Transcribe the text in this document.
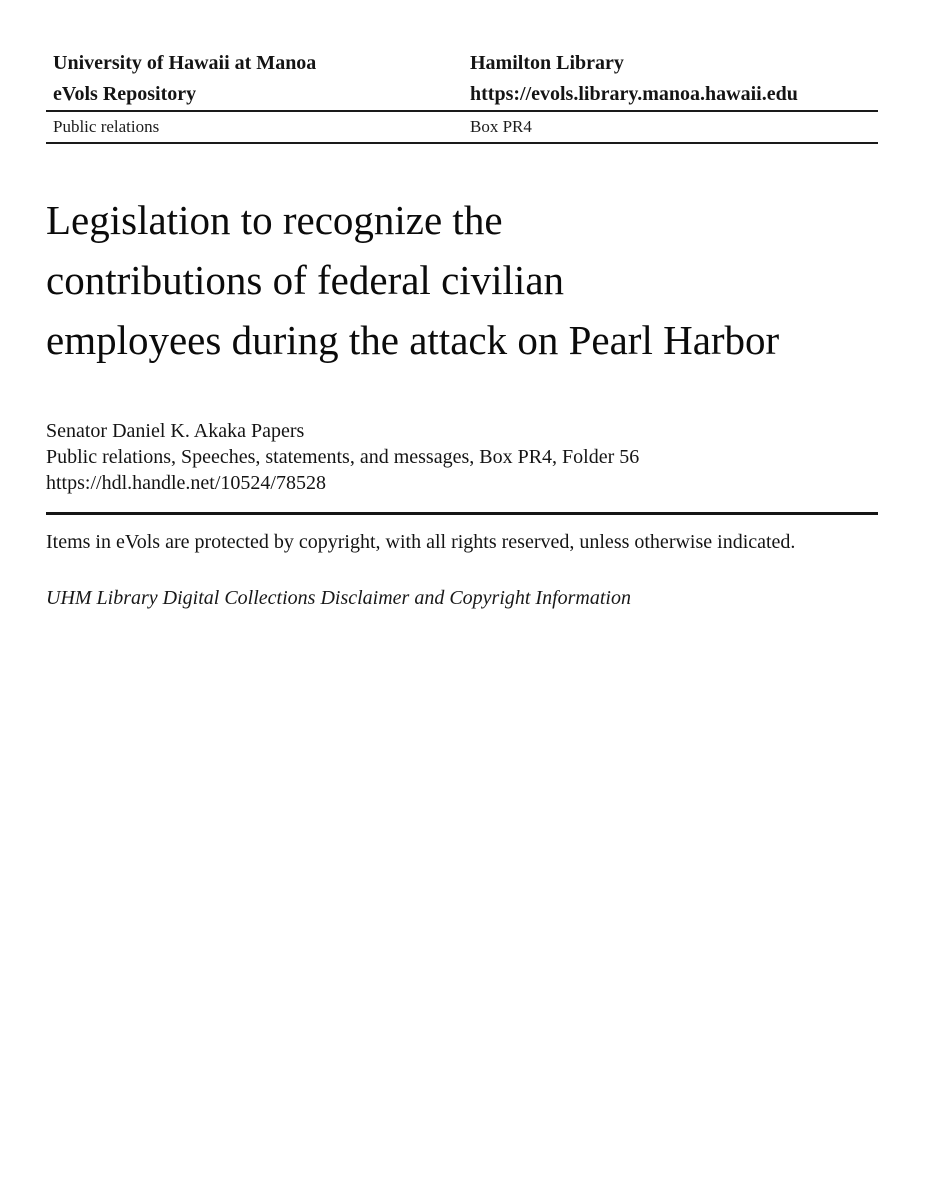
University of Hawaii at Manoa
eVols Repository
Hamilton Library
https://evols.library.manoa.hawaii.edu
Public relations	Box PR4
Legislation to recognize the
contributions of federal civilian
employees during the attack on Pearl Harbor
Senator Daniel K. Akaka Papers
Public relations, Speeches, statements, and messages, Box PR4, Folder 56
https://hdl.handle.net/10524/78528

Items in eVols are protected by copyright, with all rights reserved, unless otherwise indicated.

UHM Library Digital Collections Disclaimer and Copyright Information
